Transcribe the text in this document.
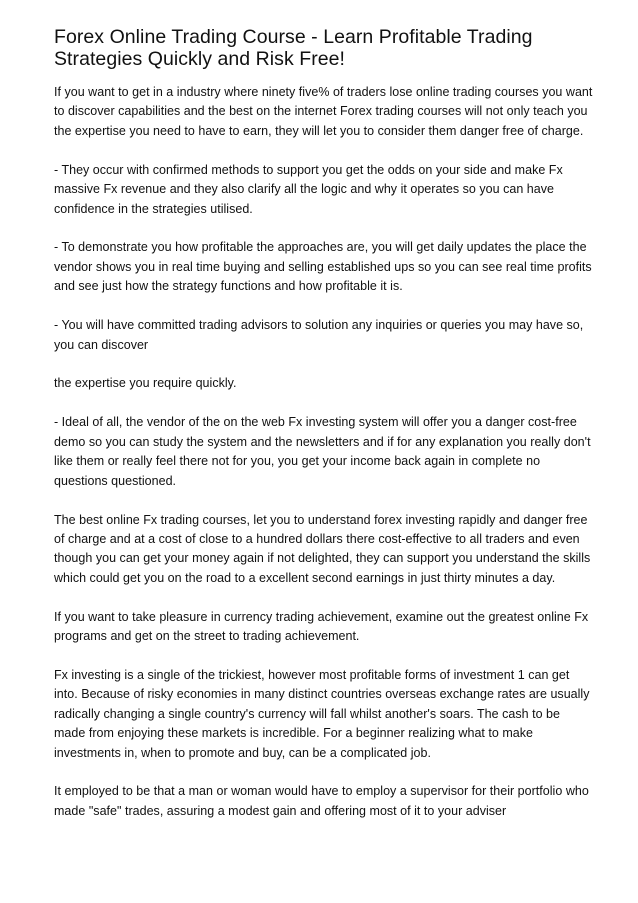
Forex Online Trading Course - Learn Profitable Trading Strategies Quickly and Risk Free!

If you want to get in a industry where ninety five% of traders lose online trading courses you want to discover capabilities and the best on the internet Forex trading courses will not only teach you the expertise you need to have to earn, they will let you to consider them danger free of charge.

- They occur with confirmed methods to support you get the odds on your side and make Fx massive Fx revenue and they also clarify all the logic and why it operates so you can have confidence in the strategies utilised.

- To demonstrate you how profitable the approaches are, you will get daily updates the place the vendor shows you in real time buying and selling established ups so you can see real time profits and see just how the strategy functions and how profitable it is.

- You will have committed trading advisors to solution any inquiries or queries you may have so, you can discover

the expertise you require quickly.

- Ideal of all, the vendor of the on the web Fx investing system will offer you a danger cost-free demo so you can study the system and the newsletters and if for any explanation you really don't like them or really feel there not for you, you get your income back again in complete no questions questioned.

The best online Fx trading courses, let you to understand forex investing rapidly and danger free of charge and at a cost of close to a hundred dollars there cost-effective to all traders and even though you can get your money again if not delighted, they can support you understand the skills which could get you on the road to a excellent second earnings in just thirty minutes a day.

If you want to take pleasure in currency trading achievement, examine out the greatest online Fx programs and get on the street to trading achievement.

Fx investing is a single of the trickiest, however most profitable forms of investment 1 can get into. Because of risky economies in many distinct countries overseas exchange rates are usually radically changing a single country's currency will fall whilst another's soars. The cash to be made from enjoying these markets is incredible. For a beginner realizing what to make investments in, when to promote and buy, can be a complicated job.

It employed to be that a man or woman would have to employ a supervisor for their portfolio who made "safe" trades, assuring a modest gain and offering most of it to your adviser
